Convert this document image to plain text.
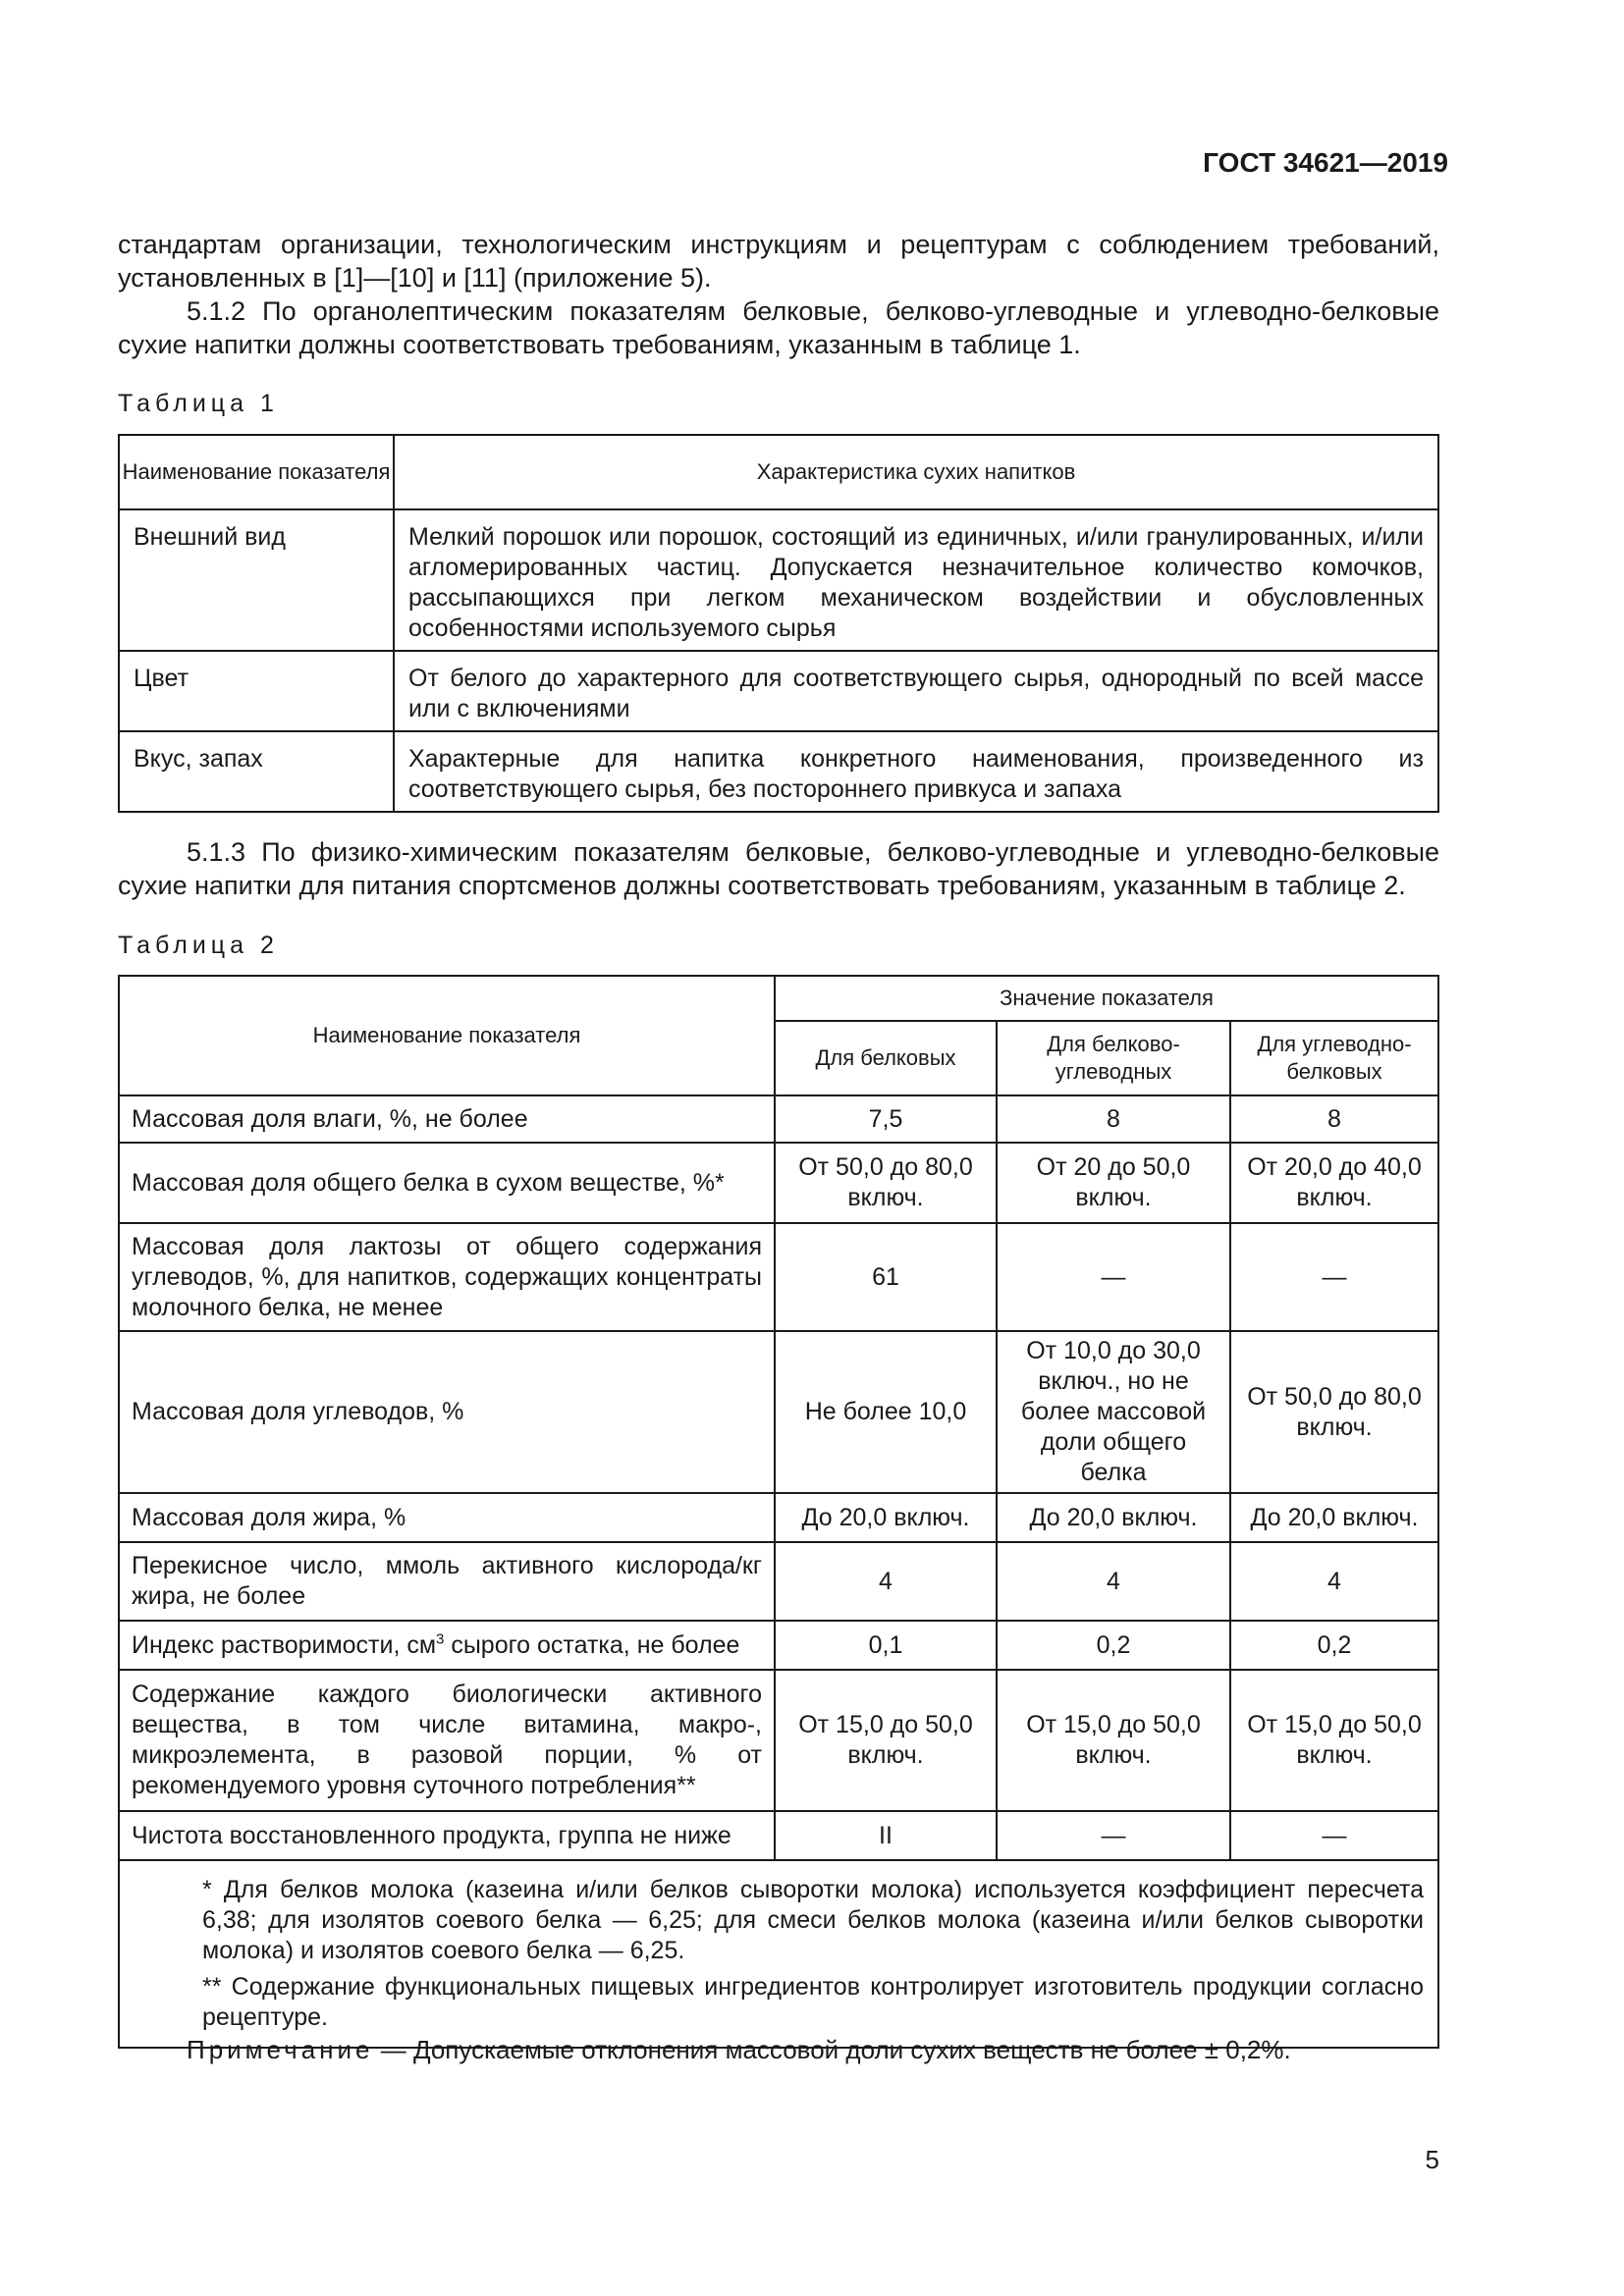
ГОСТ 34621—2019

стандартам организации, технологическим инструкциям и рецептурам с соблюдением требований,
установленных в [1]—[10] и [11] (приложение 5).

5.1.2 По органолептическим показателям белковые, белково-углеводные и углеводно-белковые
сухие напитки должны соответствовать требованиям, указанным в таблице 1.

Таблица 1
Наименование показателя	Характеристика сухих напитков
Внешний вид	Мелкий порошок или порошок, состоящий из единичных, и/или гранулированных, и/или агломерированных частиц. Допускается незначительное количество комочков, рассыпающихся при легком механическом воздействии и обусловленных особенностями используемого сырья
Цвет	От белого до характерного для соответствующего сырья, однородный по всей массе или с включениями
Вкус, запах	Характерные для напитка конкретного наименования, произведенного из соответствующего сырья, без постороннего привкуса и запаха

5.1.3 По физико-химическим показателям белковые, белково-углеводные и углеводно-белковые
сухие напитки для питания спортсменов должны соответствовать требованиям, указанным в таблице 2.

Таблица 2
Наименование показателя	Значение показателя		
	Для белковых	Для белково-углеводных	Для углеводно-белковых
Массовая доля влаги, %, не более	7,5	8	8
Массовая доля общего белка в сухом веществе, %*	От 50,0 до 80,0 включ.	От 20 до 50,0 включ.	От 20,0 до 40,0 включ.
Массовая доля лактозы от общего содержания углеводов, %, для напитков, содержащих концентраты молочного белка, не менее	61	—	—
Массовая доля углеводов, %	Не более 10,0	От 10,0 до 30,0 включ., но не более массовой доли общего белка	От 50,0 до 80,0 включ.
Массовая доля жира, %	До 20,0 включ.	До 20,0 включ.	До 20,0 включ.
Перекисное число, ммоль активного кислорода/кг жира, не более	4	4	4
Индекс растворимости, $см^3$ сырого остатка, не более	0,1	0,2	0,2
Содержание каждого биологически активного вещества, в том числе витамина, макро-, микроэлемента, в разовой порции, % от рекомендуемого уровня суточного потребления**	От 15,0 до 50,0 включ.	От 15,0 до 50,0 включ.	От 15,0 до 50,0 включ.
Чистота восстановленного продукта, группа не ниже	II	—	—

* Для белков молока (казеина и/или белков сыворотки молока) используется коэффициент пересчета 6,38; для изолятов соевого белка — 6,25; для смеси белков молока (казеина и/или белков сыворотки молока) и изолятов соевого белка — 6,25.

** Содержание функциональных пищевых ингредиентов контролирует изготовитель продукции согласно рецептуре.			

Примечание — Допускаемые отклонения массовой доли сухих веществ не более ± 0,2%.
5
